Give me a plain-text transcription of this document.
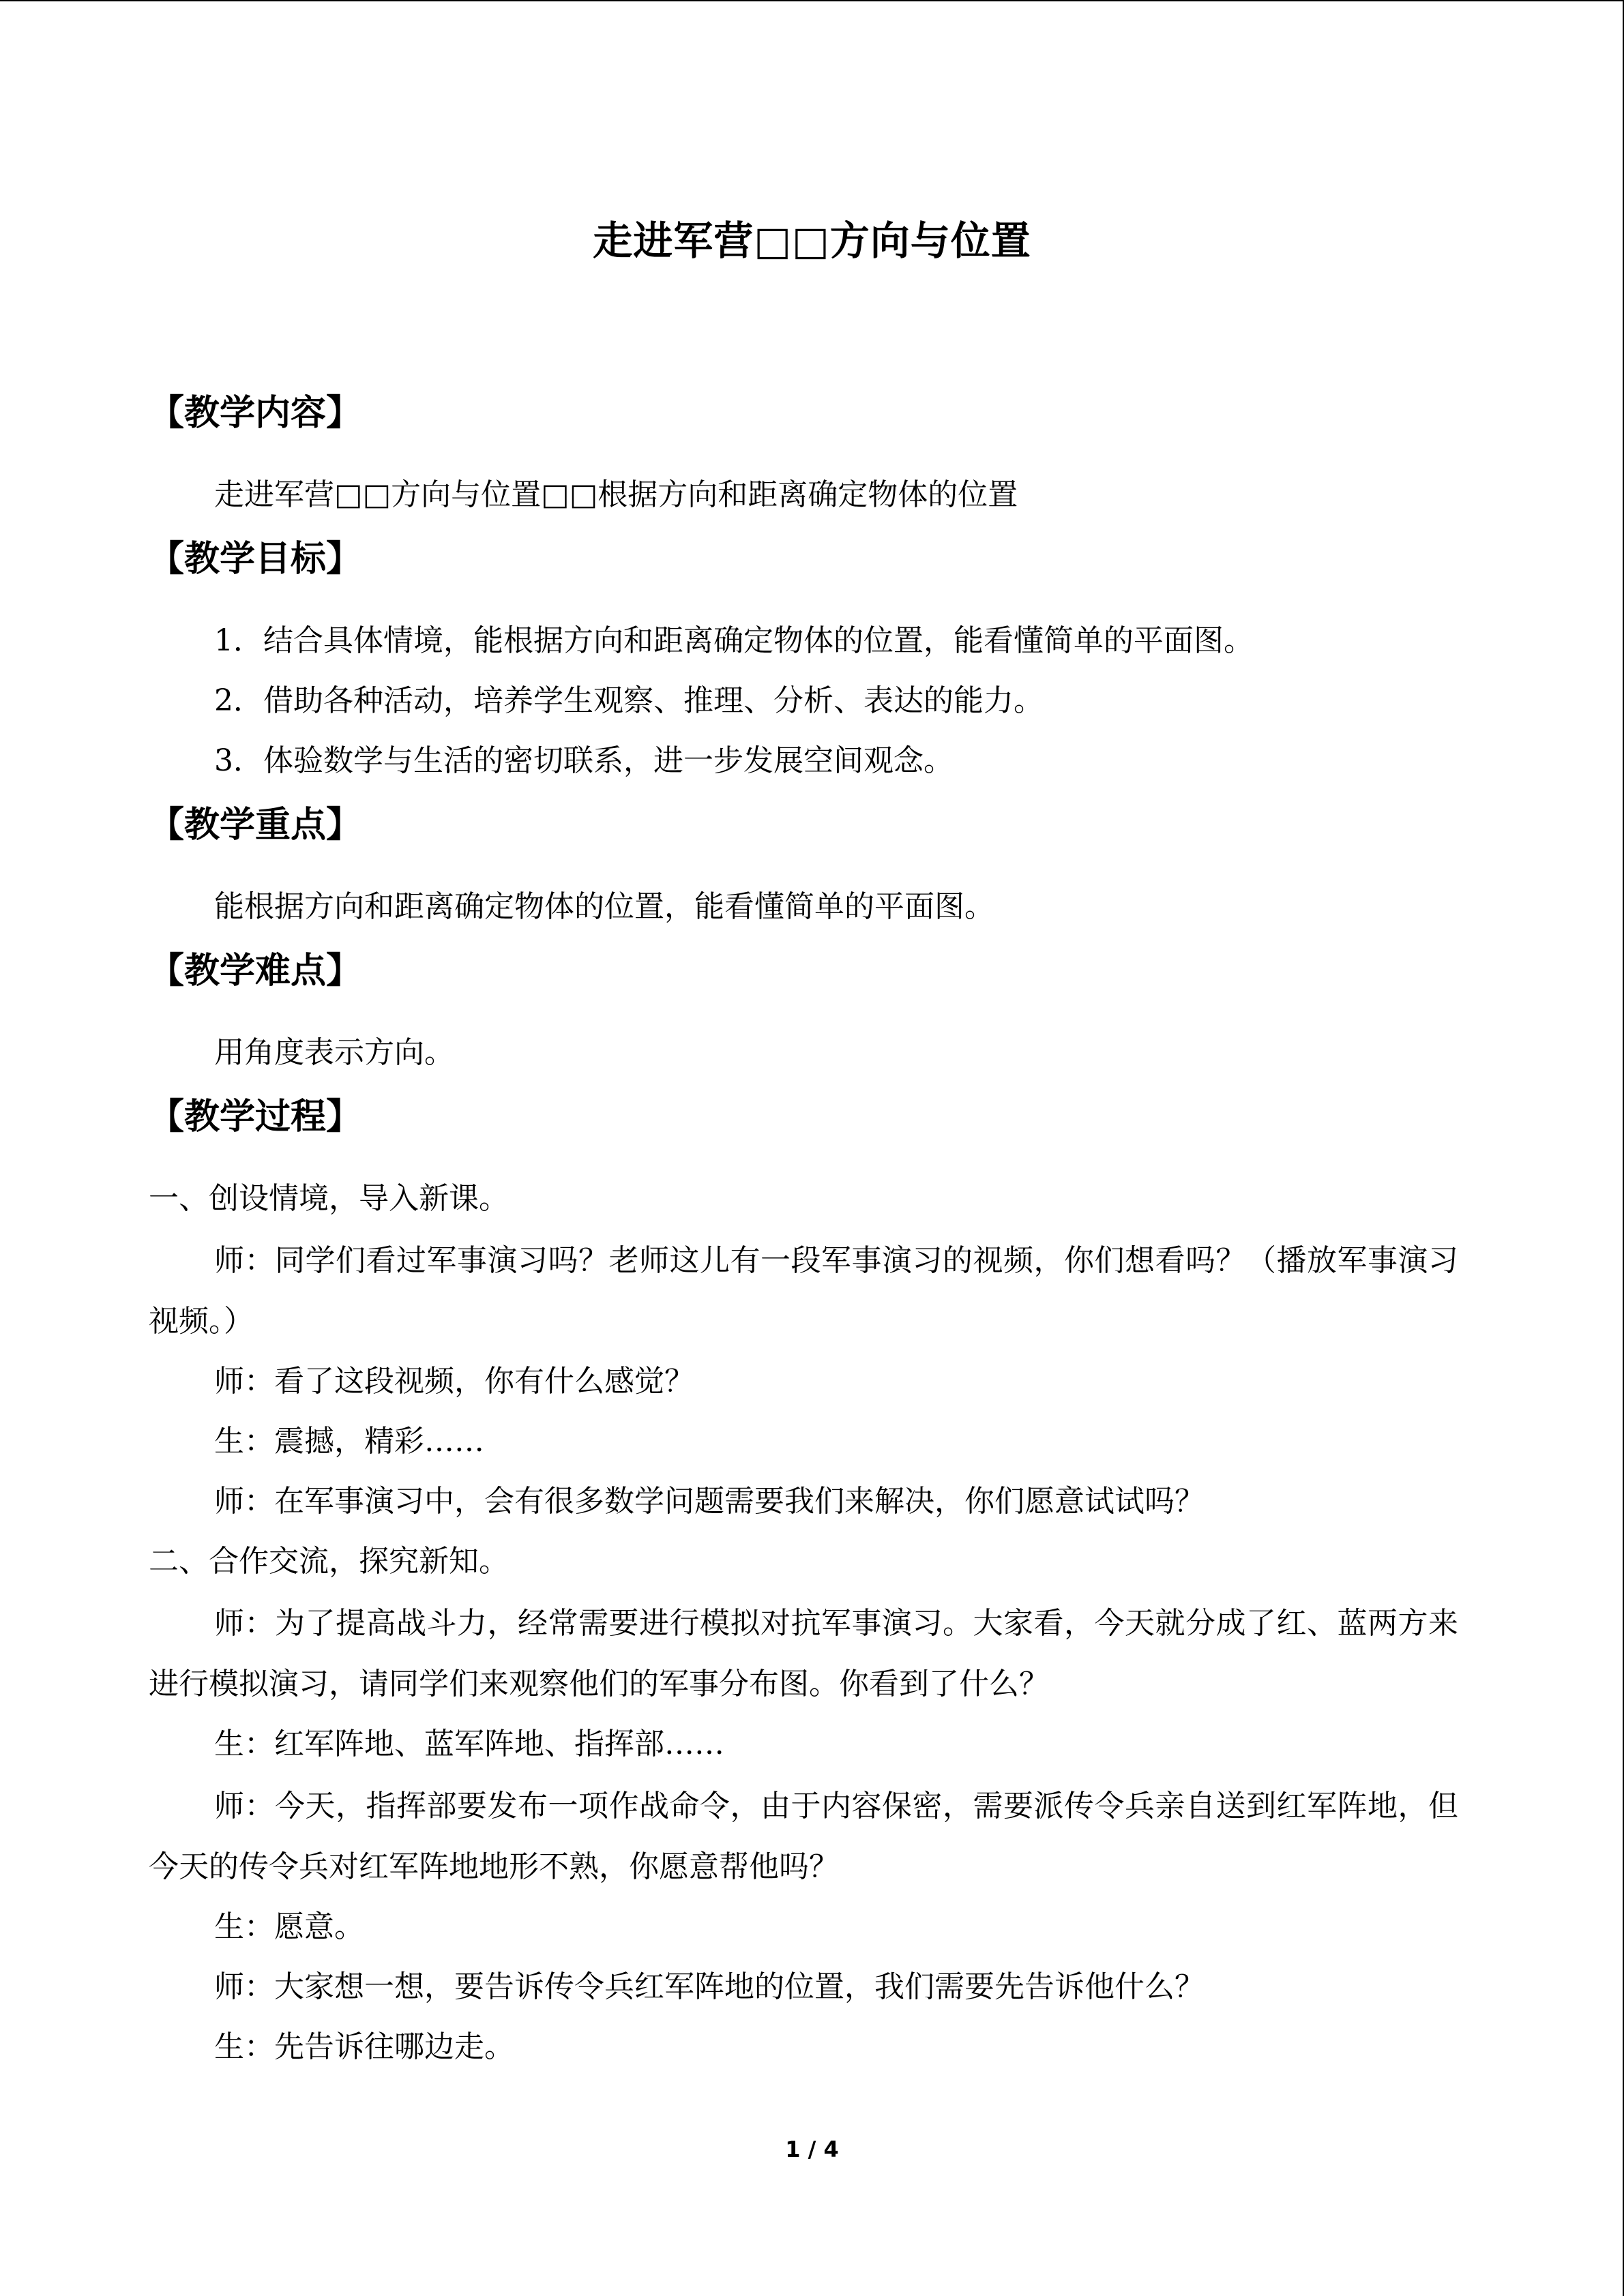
走进军营□□方向与位置
【教学内容】
走进军营□□方向与位置□□根据方向和距离确定物体的位置
【教学目标】
1．结合具体情境，能根据方向和距离确定物体的位置，能看懂简单的平面图。
2．借助各种活动，培养学生观察、推理、分析、表达的能力。
3．体验数学与生活的密切联系，进一步发展空间观念。
【教学重点】
能根据方向和距离确定物体的位置，能看懂简单的平面图。
【教学难点】
用角度表示方向。
【教学过程】
一、创设情境，导入新课。
师：同学们看过军事演习吗？老师这儿有一段军事演习的视频，你们想看吗？（播放军事演习视频。）
师：看了这段视频，你有什么感觉？
生：震撼，精彩……
师：在军事演习中，会有很多数学问题需要我们来解决，你们愿意试试吗？
二、合作交流，探究新知。
师：为了提高战斗力，经常需要进行模拟对抗军事演习。大家看，今天就分成了红、蓝两方来进行模拟演习，请同学们来观察他们的军事分布图。你看到了什么？
生：红军阵地、蓝军阵地、指挥部……
师：今天，指挥部要发布一项作战命令，由于内容保密，需要派传令兵亲自送到红军阵地，但今天的传令兵对红军阵地地形不熟，你愿意帮他吗？
生：愿意。
师：大家想一想，要告诉传令兵红军阵地的位置，我们需要先告诉他什么？
生：先告诉往哪边走。
1 / 4
